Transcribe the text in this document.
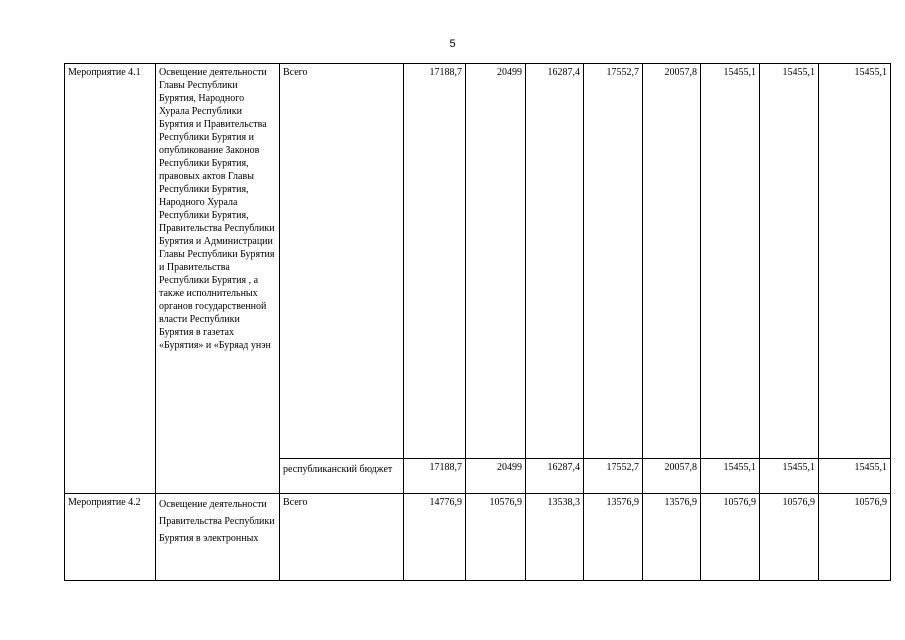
5
Мероприятие 4.1	Освещение деятельности Главы Республики Бурятия, Народного Хурала Республики Бурятия и Правительства Республики Бурятия и опубликование Законов Республики Бурятия, правовых актов Главы Республики Бурятия, Народного Хурала Республики Бурятия, Правительства Республики Бурятия и Администрации Главы Республики Бурятия и Правительства Республики Бурятия , а также исполнительных органов государственной власти Республики Бурятия в газетах «Бурятия» и «Буряад унэн	Всего	17188,7	20499	16287,4	17552,7	20057,8	15455,1	15455,1	15455,1
		республиканский бюджет	17188,7	20499	16287,4	17552,7	20057,8	15455,1	15455,1	15455,1
Мероприятие 4.2	Освещение деятельности Правительства Республики Бурятия в электронных	Всего	14776,9	10576,9	13538,3	13576,9	13576,9	10576,9	10576,9	10576,9
